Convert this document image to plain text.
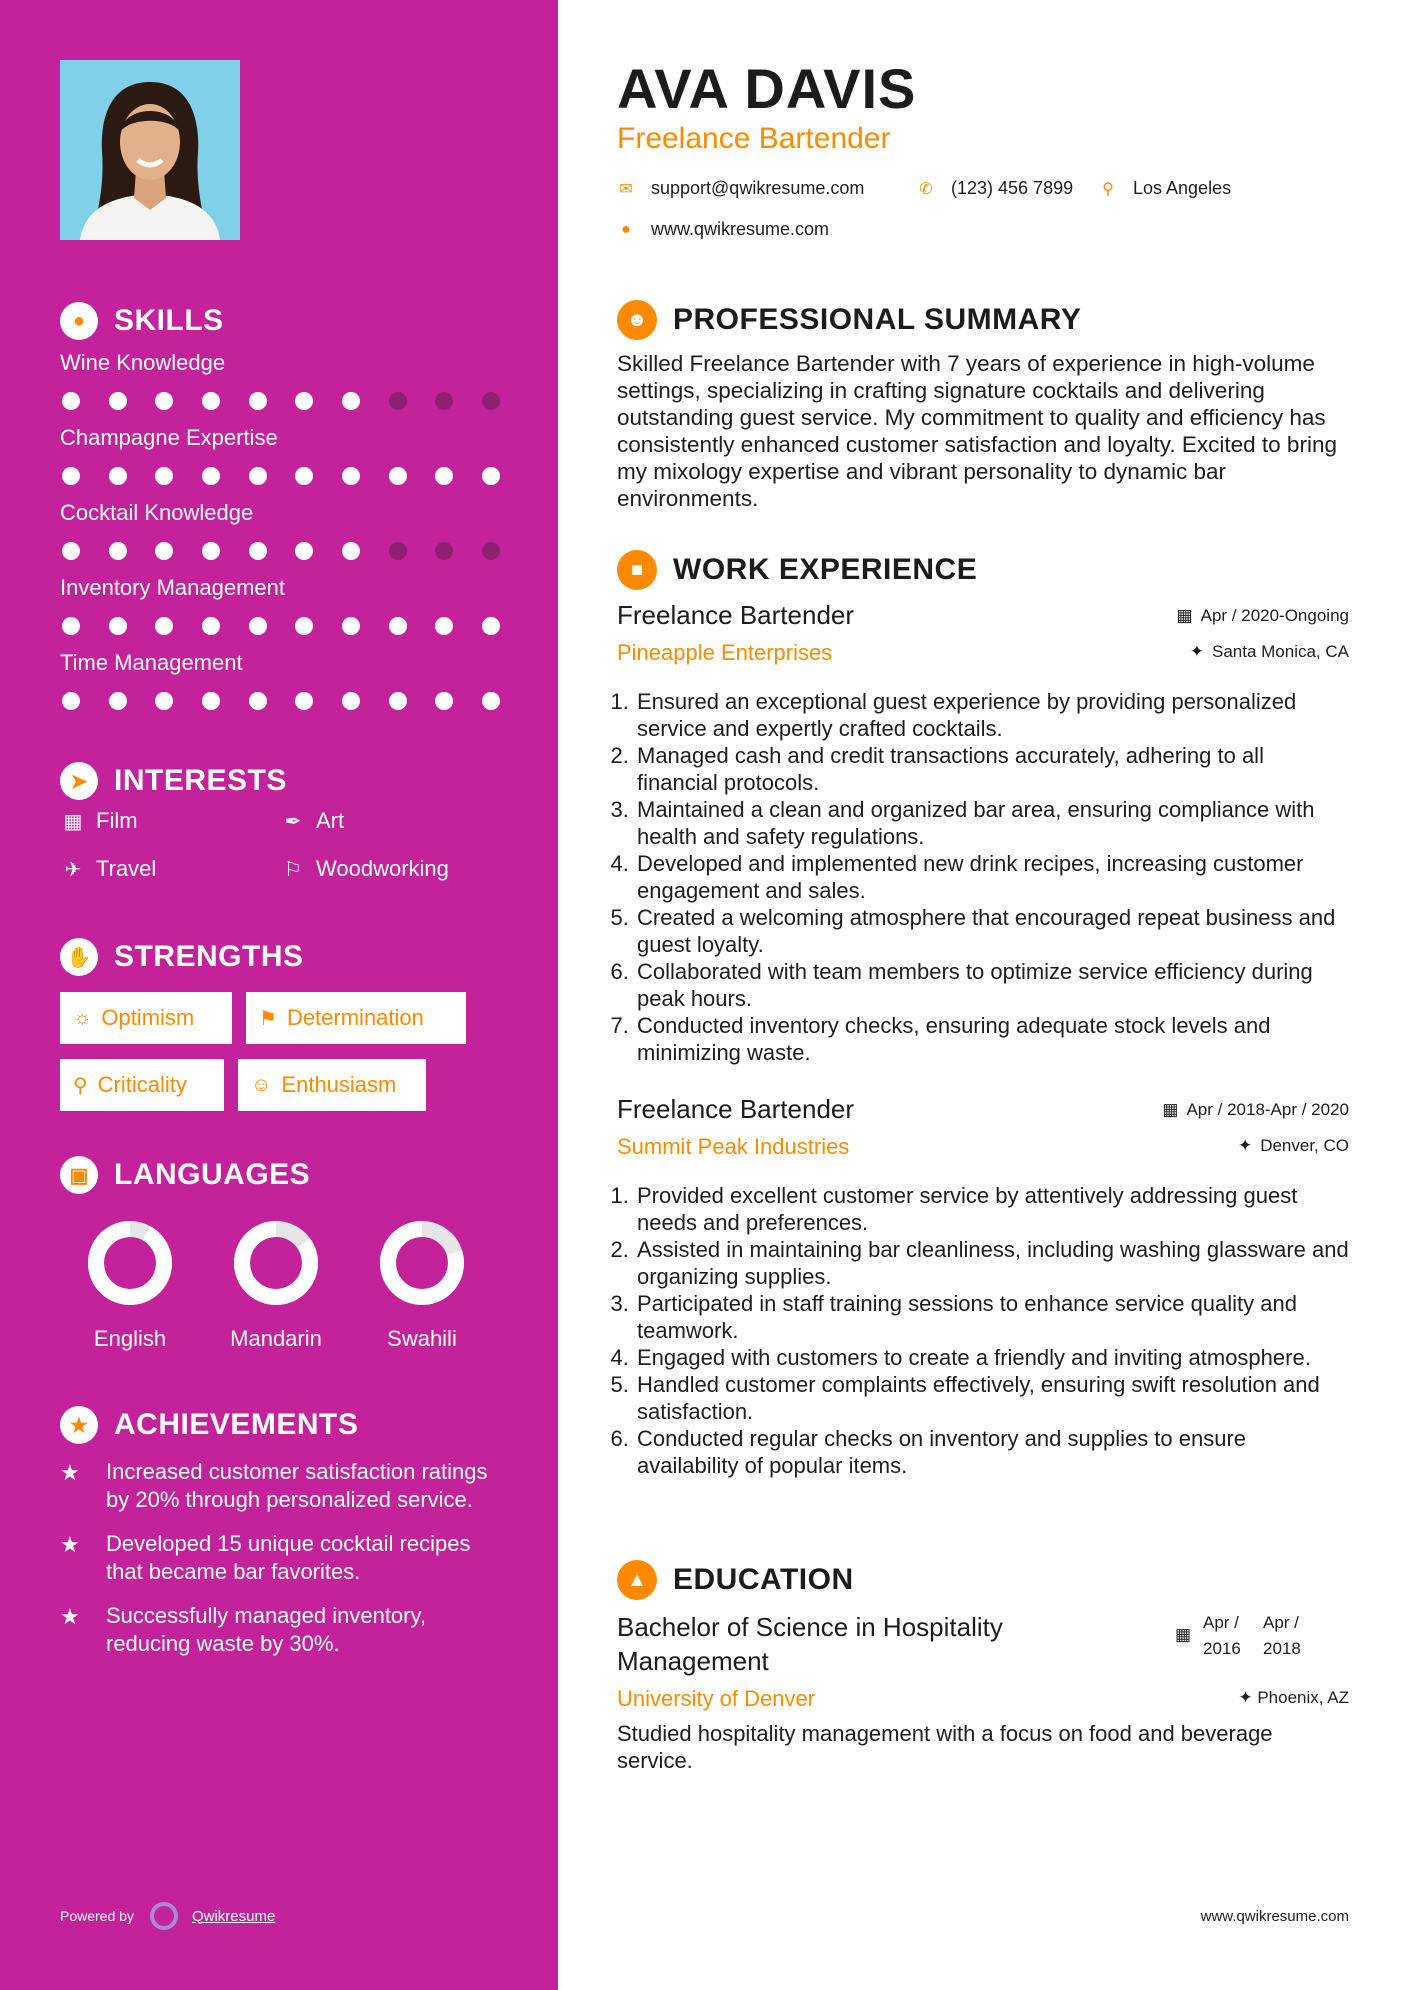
● SKILLS
Wine Knowledge
Champagne Expertise
Cocktail Knowledge
Inventory Management
Time Management
➤ INTERESTS
▦ Film	✒ Art
✈ Travel	⚐ Woodworking
✋ STRENGTHS
☼ Optimism	⚑ Determination
⚲ Criticality	☺ Enthusiasm
▣ LANGUAGES
English	Mandarin	Swahili
★ ACHIEVEMENTS
★	Increased customer satisfaction ratings by 20% through personalized service.
★	Developed 15 unique cocktail recipes that became bar favorites.
★	Successfully managed inventory, reducing waste by 30%.
Powered by	Qwikresume
AVA DAVIS
Freelance Bartender
✉ support@qwikresume.com	✆ (123) 456 7899 ⚲ Los Angeles
● www.qwikresume.com
☻ PROFESSIONAL SUMMARY
Skilled Freelance Bartender with 7 years of experience in high-volume settings, specializing in crafting signature cocktails and delivering outstanding guest service. My commitment to quality and efficiency has consistently enhanced customer satisfaction and loyalty. Excited to bring my mixology expertise and vibrant personality to dynamic bar environments.
■ WORK EXPERIENCE
Freelance Bartender
Pineapple Enterprises
▦ Apr / 2020-Ongoing
✦ Santa Monica, CA
1. Ensured an exceptional guest experience by providing personalized service and expertly crafted cocktails.
2. Managed cash and credit transactions accurately, adhering to all financial protocols.
3. Maintained a clean and organized bar area, ensuring compliance with health and safety regulations.
4. Developed and implemented new drink recipes, increasing customer engagement and sales.
5. Created a welcoming atmosphere that encouraged repeat business and guest loyalty.
6. Collaborated with team members to optimize service efficiency during peak hours.
7. Conducted inventory checks, ensuring adequate stock levels and minimizing waste.
Freelance Bartender
Summit Peak Industries
▦ Apr / 2018-Apr / 2020
✦ Denver, CO
1. Provided excellent customer service by attentively addressing guest needs and preferences.
2. Assisted in maintaining bar cleanliness, including washing glassware and organizing supplies.
3. Participated in staff training sessions to enhance service quality and teamwork.
4. Engaged with customers to create a friendly and inviting atmosphere.
5. Handled customer complaints effectively, ensuring swift resolution and satisfaction.
6. Conducted regular checks on inventory and supplies to ensure availability of popular items.
▲ EDUCATION
Bachelor of Science in Hospitality Management
▦
Apr / 2016
Apr / 2018
University of Denver	✦ Phoenix, AZ
Studied hospitality management with a focus on food and beverage service.
www.qwikresume.com
